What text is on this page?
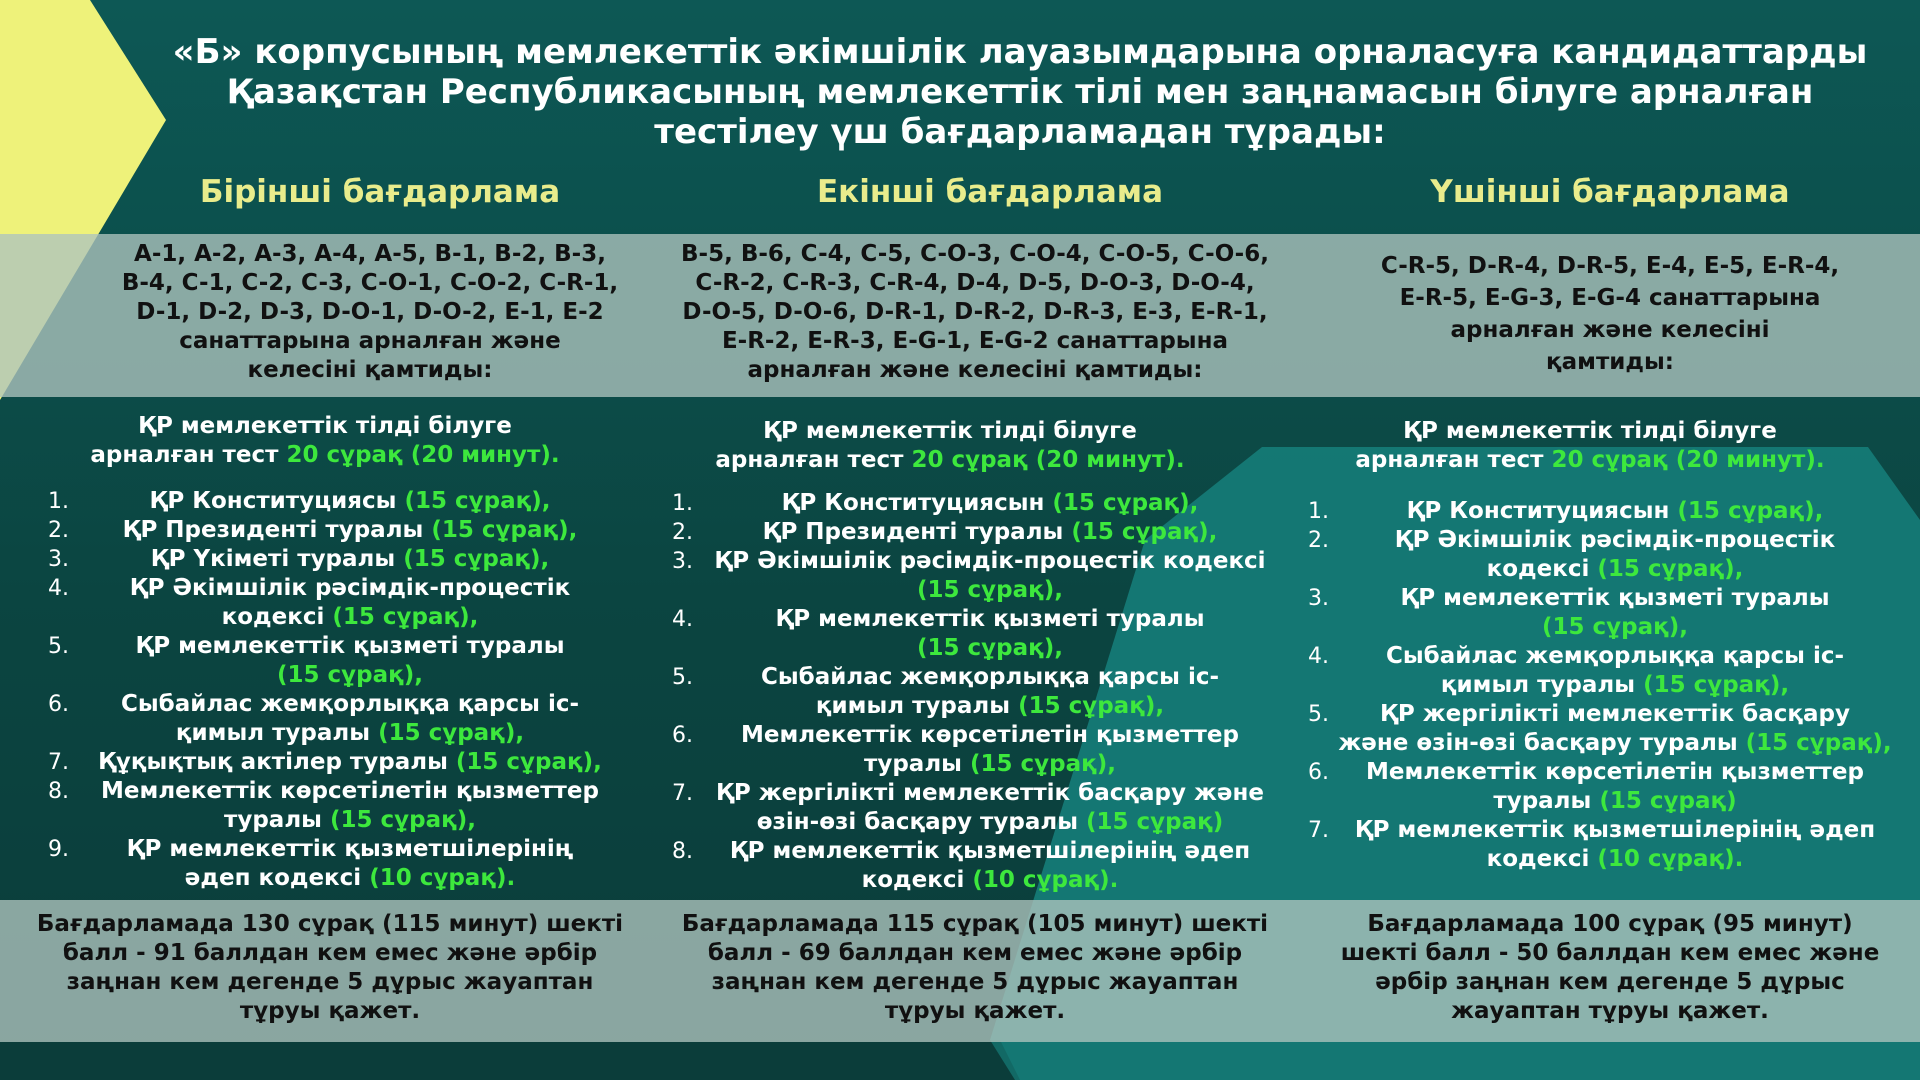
«Б» корпусының мемлекеттік әкімшілік лауазымдарына орналасуға кандидаттарды
Қазақстан Республикасының мемлекеттік тілі мен заңнамасын білуге арналған
тестілеу үш бағдарламадан тұрады:
Бірінші бағдарлама	Екінші бағдарлама	Үшінші бағдарлама
A-1, A-2, A-3, A-4, A-5, B-1, B-2, B-3,
B-4, C-1, C-2, C-3, C-O-1, C-O-2, C-R-1,
D-1, D-2, D-3, D-O-1, D-O-2, E-1, E-2
санаттарына арналған және
келесіні қамтиды:
B-5, B-6, C-4, C-5, C-O-3, C-O-4, C-O-5, C-O-6,
C-R-2, C-R-3, C-R-4, D-4, D-5, D-O-3, D-O-4,
D-O-5, D-O-6, D-R-1, D-R-2, D-R-3, E-3, E-R-1,
E-R-2, E-R-3, E-G-1, E-G-2 санаттарына
арналған және келесіні қамтиды:
C-R-5, D-R-4, D-R-5, E-4, E-5, E-R-4,
E-R-5, E-G-3, E-G-4 санаттарына
арналған және келесіні
қамтиды:
ҚР мемлекеттік тілді білуге
арналған тест 20 сұрақ (20 минут).
ҚР мемлекеттік тілді білуге
арналған тест 20 сұрақ (20 минут).
ҚР мемлекеттік тілді білуге
арналған тест 20 сұрақ (20 минут).
1.	ҚР Конституциясы (15 сұрақ),
2.	ҚР Президенті туралы (15 сұрақ),
3.	ҚР Үкіметі туралы (15 сұрақ),
4.	ҚР Әкімшілік рәсімдік-процестік
кодексі (15 сұрақ),
5.	ҚР мемлекеттік қызметі туралы
(15 сұрақ),
6.	Сыбайлас жемқорлыққа қарсы іс-
қимыл туралы (15 сұрақ),
7.	Құқықтық актілер туралы (15 сұрақ),
8.	Мемлекеттік көрсетілетін қызметтер
туралы (15 сұрақ),
9.	ҚР мемлекеттік қызметшілерінің
әдеп кодексі (10 сұрақ).
1.	ҚР Конституциясын (15 сұрақ),
2.	ҚР Президенті туралы (15 сұрақ),
3. ҚР Әкімшілік рәсімдік-процестік кодексі
(15 сұрақ),
4.	ҚР мемлекеттік қызметі туралы
(15 сұрақ),
5.	Сыбайлас жемқорлыққа қарсы іс-
қимыл туралы (15 сұрақ),
6.	Мемлекеттік көрсетілетін қызметтер
туралы (15 сұрақ),
7.	ҚР жергілікті мемлекеттік басқару және
өзін-өзі басқару туралы (15 сұрақ)
8.	ҚР мемлекеттік қызметшілерінің әдеп
кодексі (10 сұрақ).
1.	ҚР Конституциясын (15 сұрақ),
2.	ҚР Әкімшілік рәсімдік-процестік
кодексі (15 сұрақ),
3.	ҚР мемлекеттік қызметі туралы
(15 сұрақ),
4.	Сыбайлас жемқорлыққа қарсы іс-
қимыл туралы (15 сұрақ),
5.	ҚР жергілікті мемлекеттік басқару
және өзін-өзі басқару туралы (15 сұрақ),
6.	Мемлекеттік көрсетілетін қызметтер
туралы (15 сұрақ)
7.	ҚР мемлекеттік қызметшілерінің әдеп
кодексі (10 сұрақ).
Бағдарламада 130 сұрақ (115 минут) шекті
балл - 91 баллдан кем емес және әрбір
заңнан кем дегенде 5 дұрыс жауаптан
тұруы қажет.
Бағдарламада 115 сұрақ (105 минут) шекті
балл - 69 баллдан кем емес және әрбір
заңнан кем дегенде 5 дұрыс жауаптан
тұруы қажет.
Бағдарламада 100 сұрақ (95 минут)
шекті балл - 50 баллдан кем емес және
әрбір заңнан кем дегенде 5 дұрыс
жауаптан тұруы қажет.
